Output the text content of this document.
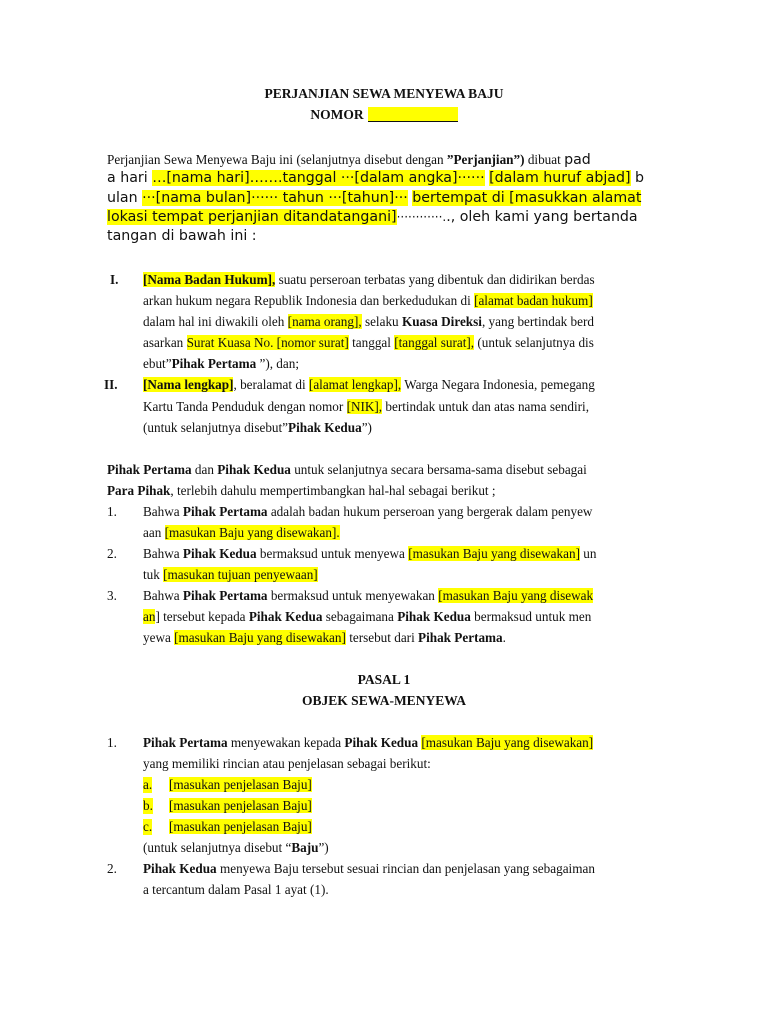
PERJANJIAN SEWA MENYEWA BAJU
NOMOR
Perjanjian Sewa Menyewa Baju ini (selanjutnya disebut dengan ”Perjanjian”) dibuat pad
a hari …[nama hari]…….tanggal ···[dalam angka]······ [dalam huruf abjad] b
ulan ···[nama bulan]······ tahun ···[tahun]··· bertempat di [masukkan alamat
lokasi tempat perjanjian ditandatangani]············.., oleh kami yang bertanda
tangan di bawah ini :
I. [Nama Badan Hukum], suatu perseroan terbatas yang dibentuk dan didirikan berdas
arkan hukum negara Republik Indonesia dan berkedudukan di [alamat badan hukum]
dalam hal ini diwakili oleh [nama orang], selaku Kuasa Direksi, yang bertindak berd
asarkan Surat Kuasa No. [nomor surat] tanggal [tanggal surat], (untuk selanjutnya dis
ebut”Pihak Pertama ”), dan;
II. [Nama lengkap], beralamat di [alamat lengkap], Warga Negara Indonesia, pemegang
Kartu Tanda Penduduk dengan nomor [NIK], bertindak untuk dan atas nama sendiri,
(untuk selanjutnya disebut”Pihak Kedua”)
Pihak Pertama dan Pihak Kedua untuk selanjutnya secara bersama-sama disebut sebagai
Para Pihak, terlebih dahulu mempertimbangkan hal-hal sebagai berikut ;
1. Bahwa Pihak Pertama adalah badan hukum perseroan yang bergerak dalam penyew
aan [masukan Baju yang disewakan].
2. Bahwa Pihak Kedua bermaksud untuk menyewa [masukan Baju yang disewakan] un
tuk [masukan tujuan penyewaan]
3. Bahwa Pihak Pertama bermaksud untuk menyewakan [masukan Baju yang disewak
an] tersebut kepada Pihak Kedua sebagaimana Pihak Kedua bermaksud untuk men
yewa [masukan Baju yang disewakan] tersebut dari Pihak Pertama.
PASAL 1
OBJEK SEWA-MENYEWA
1. Pihak Pertama menyewakan kepada Pihak Kedua [masukan Baju yang disewakan]
yang memiliki rincian atau penjelasan sebagai berikut:
a. [masukan penjelasan Baju]
b. [masukan penjelasan Baju]
c. [masukan penjelasan Baju]
(untuk selanjutnya disebut “Baju”)
2. Pihak Kedua menyewa Baju tersebut sesuai rincian dan penjelasan yang sebagaiman
a tercantum dalam Pasal 1 ayat (1).
